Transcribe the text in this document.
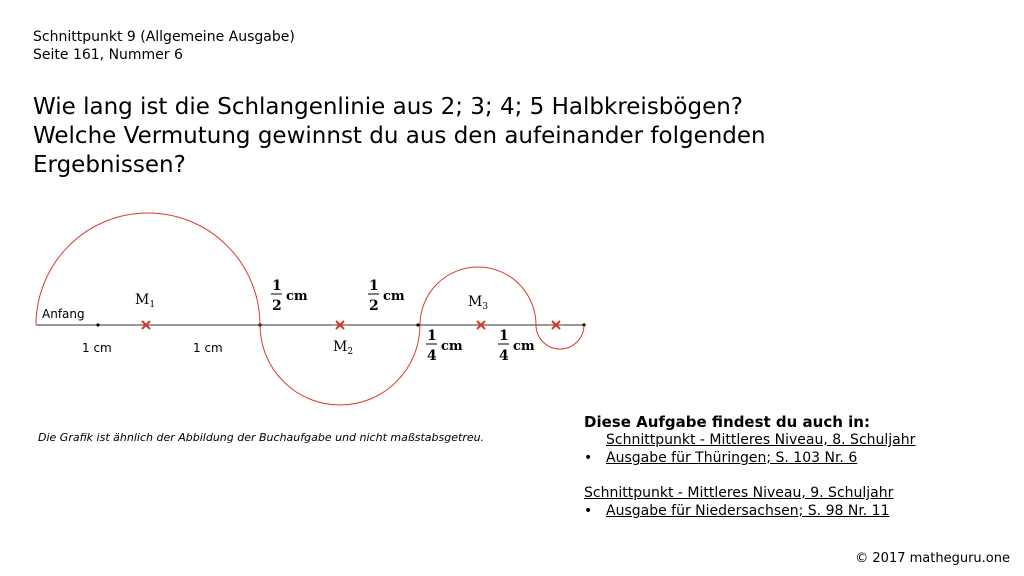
Schnittpunkt 9 (Allgemeine Ausgabe)
Seite 161, Nummer 6
Wie lang ist die Schlangenlinie aus 2; 3; 4; 5 Halbkreisbögen?
Welche Vermutung gewinnst du aus den aufeinander folgenden
Ergebnissen?
Anfang
1 cm	1 cm
$M_1$
$M_2$
$M_3$
1
2
cm
1
2
cm
1
4
cm
1
4
cm
Die Grafik ist ähnlich der Abbildung der Buchaufgabe und nicht maßstabsgetreu.
Diese Aufgabe findest du auch in:
Schnittpunkt - Mittleres Niveau, 8. Schuljahr
• Ausgabe für Thüringen; S. 103 Nr. 6
Schnittpunkt - Mittleres Niveau, 9. Schuljahr
• Ausgabe für Niedersachsen; S. 98 Nr. 11
© 2017 matheguru.one
